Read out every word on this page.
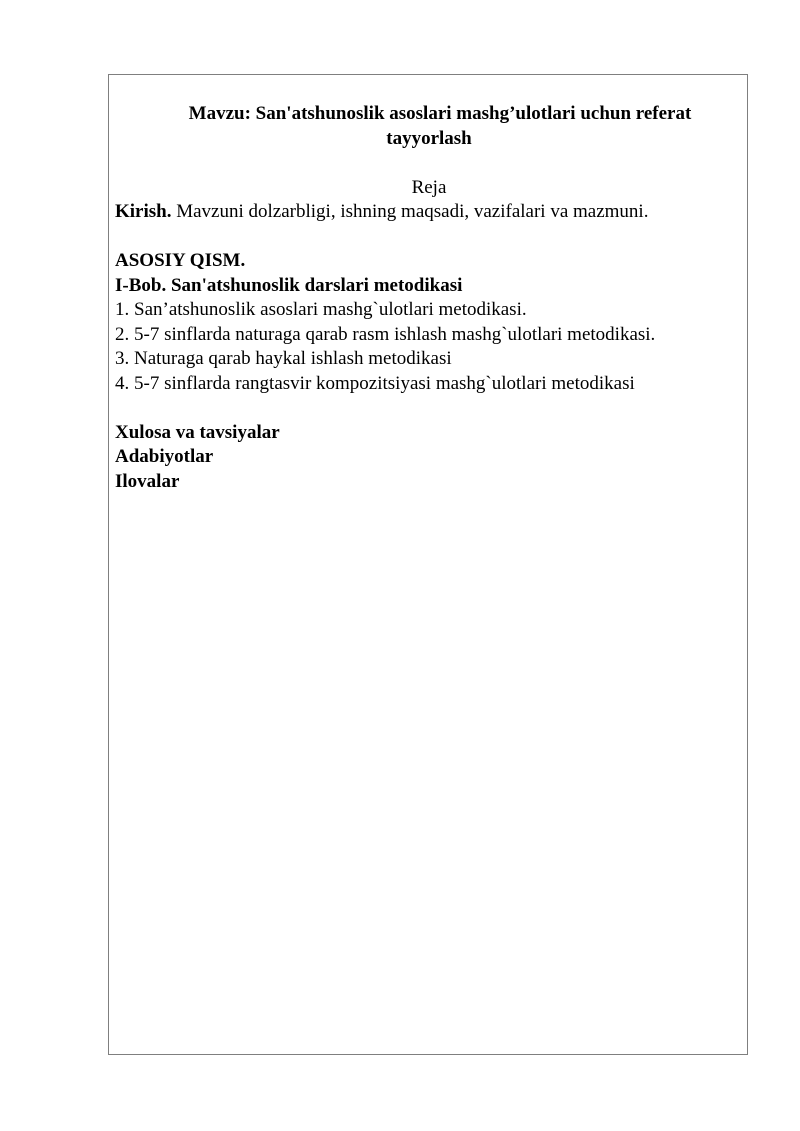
Mavzu: San'atshunoslik asoslari mashg’ulotlari uchun referat
tayyorlash
Reja
Kirish. Mavzuni dolzarbligi, ishning maqsadi, vazifalari va mazmuni.
ASOSIY QISM.
I-Bob. San'atshunoslik darslari metodikasi
1. San’atshunoslik asoslari mashg`ulotlari metodikasi.
2. 5-7 sinflarda naturaga qarab rasm ishlash mashg`ulotlari metodikasi.
3. Naturaga qarab haykal ishlash metodikasi
4. 5-7 sinflarda rangtasvir kompozitsiyasi mashg`ulotlari metodikasi
Xulosa va tavsiyalar
Adabiyotlar
Ilovalar
